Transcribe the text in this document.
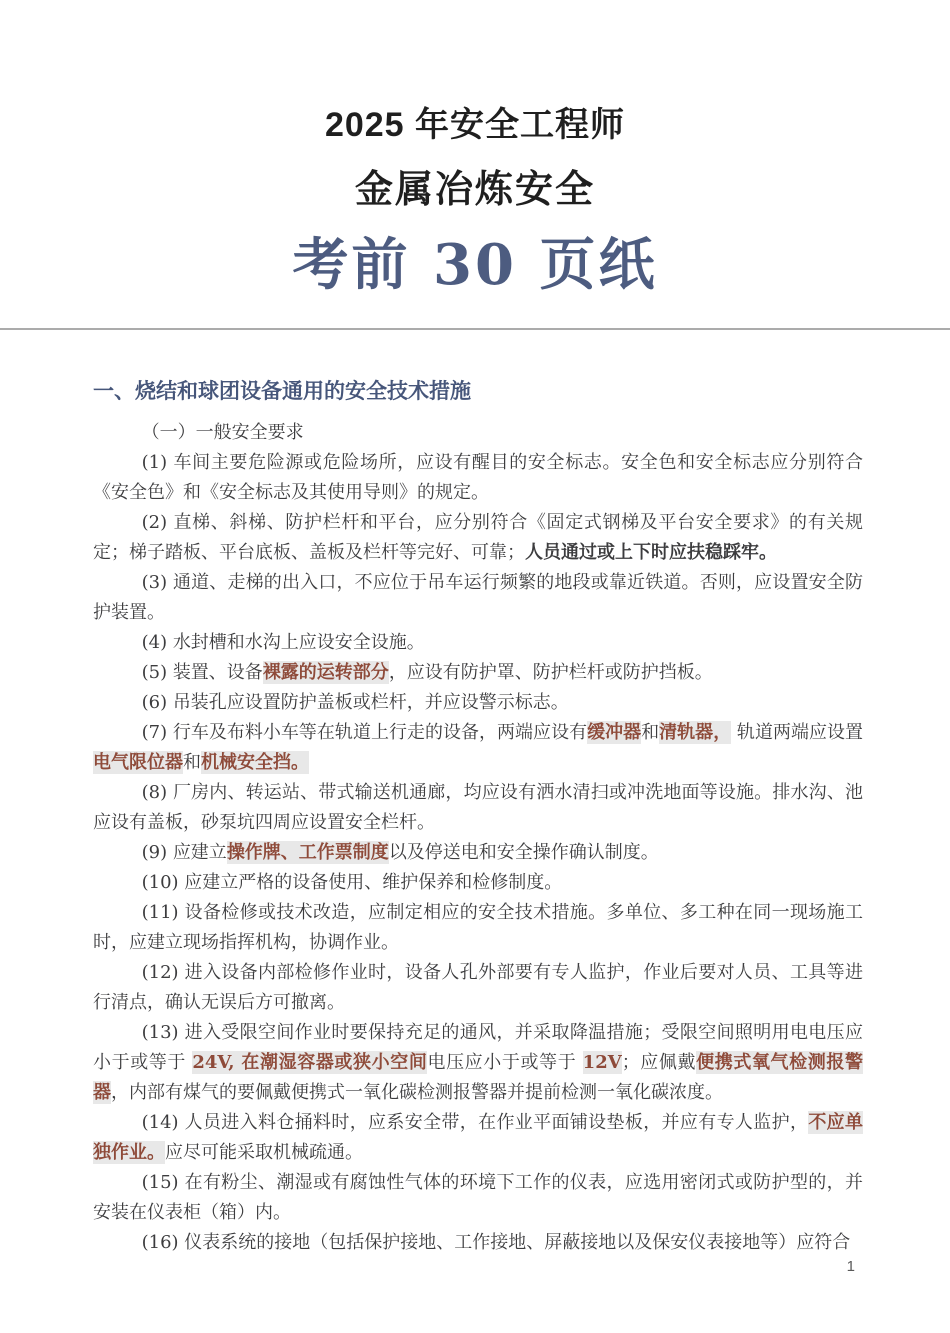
2025 年安全工程师
金属冶炼安全
考前 30 页纸
一、烧结和球团设备通用的安全技术措施

（一）一般安全要求

(1) 车间主要危险源或危险场所，应设有醒目的安全标志。安全色和安全标志应分别符合《安全色》和《安全标志及其使用导则》的规定。

(2) 直梯、斜梯、防护栏杆和平台，应分别符合《固定式钢梯及平台安全要求》的有关规定；梯子踏板、平台底板、盖板及栏杆等完好、可靠；人员通过或上下时应扶稳踩牢。

(3) 通道、走梯的出入口，不应位于吊车运行频繁的地段或靠近铁道。否则，应设置安全防护装置。

(4) 水封槽和水沟上应设安全设施。

(5) 装置、设备裸露的运转部分，应设有防护罩、防护栏杆或防护挡板。

(6) 吊装孔应设置防护盖板或栏杆，并应设警示标志。

(7) 行车及布料小车等在轨道上行走的设备，两端应设有缓冲器和清轨器， 轨道两端应设置电气限位器和机械安全挡。

(8) 厂房内、转运站、带式输送机通廊，均应设有洒水清扫或冲洗地面等设施。排水沟、池应设有盖板，砂泵坑四周应设置安全栏杆。

(9) 应建立操作牌、工作票制度以及停送电和安全操作确认制度。

(10) 应建立严格的设备使用、维护保养和检修制度。

(11) 设备检修或技术改造，应制定相应的安全技术措施。多单位、多工种在同一现场施工时，应建立现场指挥机构，协调作业。

(12) 进入设备内部检修作业时，设备人孔外部要有专人监护，作业后要对人员、工具等进行清点，确认无误后方可撤离。

(13) 进入受限空间作业时要保持充足的通风，并采取降温措施；受限空间照明用电电压应小于或等于 24V, 在潮湿容器或狭小空间电压应小于或等于 12V；应佩戴便携式氧气检测报警器，内部有煤气的要佩戴便携式一氧化碳检测报警器并提前检测一氧化碳浓度。

(14) 人员进入料仓捅料时，应系安全带，在作业平面铺设垫板，并应有专人监护，不应单独作业。应尽可能采取机械疏通。

(15) 在有粉尘、潮湿或有腐蚀性气体的环境下工作的仪表，应选用密闭式或防护型的，并安装在仪表柜（箱）内。

(16) 仪表系统的接地（包括保护接地、工作接地、屏蔽接地以及保安仪表接地等）应符合

1
